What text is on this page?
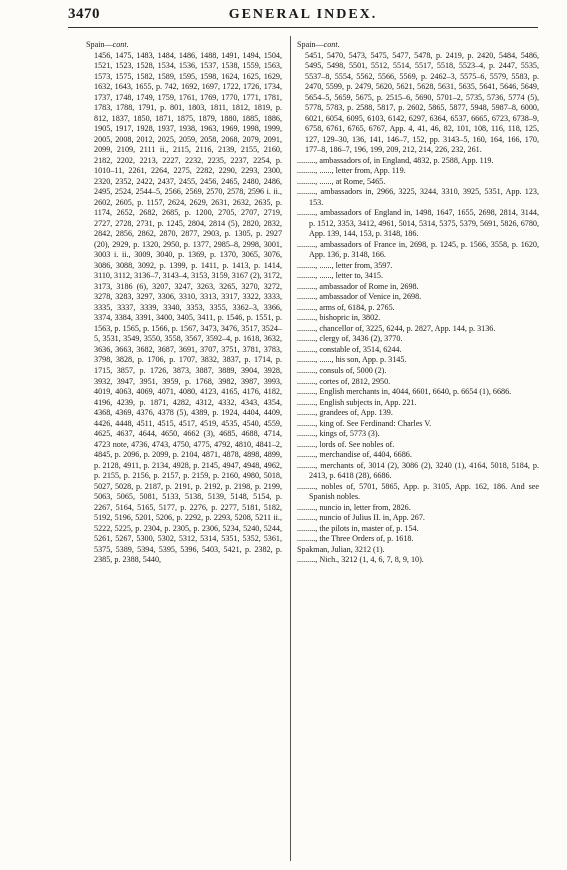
3470	GENERAL INDEX.
Spain—cont.
1456, 1475, 1483, 1484, 1486, 1488, 1491, 1494, 1504, 1521, 1523, 1528, 1534, 1536, 1537, 1538, 1559, 1563, 1573, 1575, 1582, 1589, 1595, 1598, 1624, 1625, 1629, 1632, 1643, 1655, p. 742, 1692, 1697, 1722, 1726, 1734, 1737, 1748, 1749, 1759, 1761, 1769, 1770, 1771, 1781, 1783, 1788, 1791, p. 801, 1803, 1811, 1812, 1819, p. 812, 1837, 1850, 1871, 1875, 1879, 1880, 1885, 1886, 1905, 1917, 1928, 1937, 1938, 1963, 1969, 1998, 1999, 2005, 2008, 2012, 2025, 2059, 2058, 2068, 2079, 2091, 2099, 2109, 2111 ii., 2115, 2116, 2139, 2155, 2160, 2182, 2202, 2213, 2227, 2232, 2235, 2237, 2254, p. 1010–11, 2261, 2264, 2275, 2282, 2290, 2293, 2300, 2320, 2352, 2422, 2437, 2455, 2456, 2465, 2480, 2486, 2495, 2524, 2544–5, 2566, 2569, 2570, 2578, 2596 i. ii., 2602, 2605, p. 1157, 2624, 2629, 2631, 2632, 2635, p. 1174, 2652, 2682, 2685, p. 1200, 2705, 2707, 2719, 2727, 2728, 2731, p. 1245, 2804, 2814 (5), 2820, 2832, 2842, 2856, 2862, 2870, 2877, 2903, p. 1305, p. 2927 (20), 2929, p. 1320, 2950, p. 1377, 2985–8, 2998, 3001, 3003 i. ii., 3009, 3040, p. 1369, p. 1370, 3065, 3076, 3086, 3088, 3092, p. 1399, p. 1411, p. 1413, p. 1414, 3110, 3112, 3136–7, 3143–4, 3153, 3159, 3167 (2), 3172, 3173, 3186 (6), 3207, 3247, 3263, 3265, 3270, 3272, 3278, 3283, 3297, 3306, 3310, 3313, 3317, 3322, 3333, 3335, 3337, 3339, 3340, 3353, 3355, 3362–3, 3366, 3374, 3384, 3391, 3400, 3405, 3411, p. 1546, p. 1551, p. 1563, p. 1565, p. 1566, p. 1567, 3473, 3476, 3517, 3524–5, 3531, 3549, 3550, 3558, 3567, 3592–4, p. 1618, 3632, 3636, 3663, 3682, 3687, 3691, 3707, 3751, 3781, 3783, 3798, 3828, p. 1706, p. 1707, 3832, 3837, p. 1714, p. 1715, 3857, p. 1726, 3873, 3887, 3889, 3904, 3928, 3932, 3947, 3951, 3959, p. 1768, 3982, 3987, 3993, 4019, 4063, 4069, 4071, 4080, 4123, 4165, 4176, 4182, 4196, 4239, p. 1871, 4282, 4312, 4332, 4343, 4354, 4368, 4369, 4376, 4378 (5), 4389, p. 1924, 4404, 4409, 4426, 4448, 4511, 4515, 4517, 4519, 4535, 4540, 4559, 4625, 4637, 4644, 4650, 4662 (3), 4685, 4688, 4714, 4723 note, 4736, 4743, 4750, 4775, 4792, 4810, 4841–2, 4845, p. 2096, p. 2099, p. 2104, 4871, 4878, 4898, 4899, p. 2128, 4911, p. 2134, 4928, p. 2145, 4947, 4948, 4962, p. 2155, p. 2156, p. 2157, p. 2159, p. 2160, 4980, 5018, 5027, 5028, p. 2187, p. 2191, p. 2192, p. 2198, p. 2199, 5063, 5065, 5081, 5133, 5138, 5139, 5148, 5154, p. 2267, 5164, 5165, 5177, p. 2276, p. 2277, 5181, 5182, 5192, 5196, 5201, 5206, p. 2292, p. 2293, 5208, 5211 ii., 5222, 5225, p. 2304, p. 2305, p. 2306, 5234, 5240, 5244, 5261, 5267, 5300, 5302, 5312, 5314, 5351, 5352, 5361, 5375, 5389, 5394, 5395, 5396, 5403, 5421, p. 2382, p. 2385, p. 2388, 5440,
Spain—cont.
5451, 5470, 5473, 5475, 5477, 5478, p. 2419, p. 2420, 5484, 5486, 5495, 5498, 5501, 5512, 5514, 5517, 5518, 5523–4, p. 2447, 5535, 5537–8, 5554, 5562, 5566, 5569, p. 2462–3, 5575–6, 5579, 5583, p. 2470, 5599, p. 2479, 5620, 5621, 5628, 5631, 5635, 5641, 5646, 5649, 5654–5, 5659, 5675, p. 2515–6, 5690, 5701–2, 5735, 5736, 5774 (5), 5778, 5783, p. 2588, 5817, p. 2602, 5865, 5877, 5948, 5987–8, 6000, 6021, 6054, 6095, 6103, 6142, 6297, 6364, 6537, 6665, 6723, 6738–9, 6758, 6761, 6765, 6767, App. 4, 41, 46, 82, 101, 108, 116, 118, 125, 127, 129–30, 136, 141, 146–7, 152, pp. 3143–5, 160, 164, 166, 170, 177–8, 186–7, 196, 199, 209, 212, 214, 226, 232, 261.
........., ambassadors of, in England, 4832, p. 2588, App. 119.
........., ......, letter from, App. 119.
........., ......, at Rome, 5465.
........., ambassadors in, 2966, 3225, 3244, 3310, 3925, 5351, App. 123, 153.
........., ambassadors of England in, 1498, 1647, 1655, 2698, 2814, 3144, p. 1512, 3353, 3412, 4961, 5014, 5314, 5375, 5379, 5691, 5826, 6780, App. 139, 144, 153, p. 3148, 186.
........., ambassadors of France in, 2698, p. 1245, p. 1566, 3558, p. 1620, App. 136, p. 3148, 166.
........., ......, letter from, 3597.
........., ......, letter to, 3415.
........., ambassador of Rome in, 2698.
........., ambassador of Venice in, 2698.
........., arms of, 6184, p. 2765.
........., bishopric in, 3802.
........., chancellor of, 3225, 6244, p. 2827, App. 144, p. 3136.
........., clergy of, 3436 (2), 3770.
........., constable of, 3514, 6244.
........., ......, his son, App. p. 3145.
........., consuls of, 5000 (2).
........., cortes of, 2812, 2950.
........., English merchants in, 4044, 6601, 6640, p. 6654 (1), 6686.
........., English subjects in, App. 221.
........., grandees of, App. 139.
........., king of. See Ferdinand: Charles V.
........., kings of, 5773 (3).
........., lords of. See nobles of.
........., merchandise of, 4404, 6686.
........., merchants of, 3014 (2), 3086 (2), 3240 (1), 4164, 5018, 5184, p. 2413, p. 6418 (28), 6686.
........., nobles of, 5701, 5865, App. p. 3105, App. 162, 186. And see Spanish nobles.
........., nuncio in, letter from, 2826.
........., nuncio of Julius II. in, App. 267.
........., the pilots in, master of, p. 154.
........., the Three Orders of, p. 1618.
Spakman, Julian, 3212 (1).
........., Nich., 3212 (1, 4, 6, 7, 8, 9, 10).
